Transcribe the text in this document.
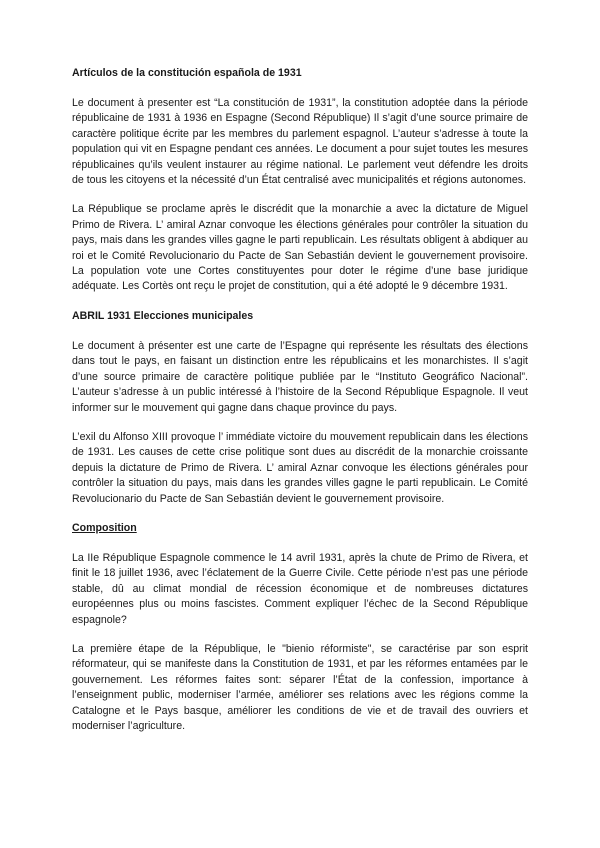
Artículos de la constitución española de 1931

Le document à presenter est “La constitución de 1931”, la constitution adoptée dans la période républicaine de 1931 à 1936 en Espagne (Second République) Il s’agit d’une source primaire de caractère politique écrite par les membres du parlement espagnol. L’auteur s’adresse à toute la population qui vit en Espagne pendant ces années. Le document a pour sujet toutes les mesures républicaines qu’ils veulent instaurer au régime national. Le parlement veut défendre les droits de tous les citoyens et la nécessité d’un État centralisé avec municipalités et régions autonomes.

La République se proclame après le discrédit que la monarchie a avec la dictature de Miguel Primo de Rivera. L’ amiral Aznar convoque les élections générales pour contrôler la situation du pays, mais dans les grandes villes gagne le parti republicain. Les résultats obligent à abdiquer au roi et le Comité Revolucionario du Pacte de San Sebastián devient le gouvernement provisoire. La population vote une Cortes constituyentes pour doter le régime d’une base juridique adéquate. Les Cortès ont reçu le projet de constitution, qui a été adopté le 9 décembre 1931.

ABRIL 1931 Elecciones municipales

Le document à présenter est une carte de l’Espagne qui représente les résultats des élections dans tout le pays, en faisant un distinction entre les républicains et les monarchistes. Il s’agit d’une source primaire de caractère politique publiée par le “Instituto Geográfico Nacional”. L’auteur s’adresse à un public intéressé à l’histoire de la Second République Espagnole. Il veut informer sur le mouvement qui gagne dans chaque province du pays.

L’exil du Alfonso XIII provoque l’ immédiate victoire du mouvement republicain dans les élections de 1931. Les causes de cette crise politique sont dues au discrédit de la monarchie croissante depuis la dictature de Primo de Rivera. L’ amiral Aznar convoque les élections générales pour contrôler la situation du pays, mais dans les grandes villes gagne le parti republicain. Le Comité Revolucionario du Pacte de San Sebastián devient le gouvernement provisoire.

Composition

La IIe République Espagnole commence le 14 avril 1931, après la chute de Primo de Rivera, et finit le 18 juillet 1936, avec l’éclatement de la Guerre Civile. Cette période n’est pas une période stable, dû au climat mondial de récession économique et de nombreuses dictatures européennes plus ou moins fascistes. Comment expliquer l’échec de la Second République espagnole?

La première étape de la République, le "bienio réformiste", se caractérise par son esprit réformateur, qui se manifeste dans la Constitution de 1931, et par les réformes entamées par le gouvernement. Les réformes faites sont: séparer l’État de la confession, importance à l’enseignment public, moderniser l’armée, améliorer ses relations avec les régions comme la Catalogne et le Pays basque, améliorer les conditions de vie et de travail des ouvriers et moderniser l’agriculture.
